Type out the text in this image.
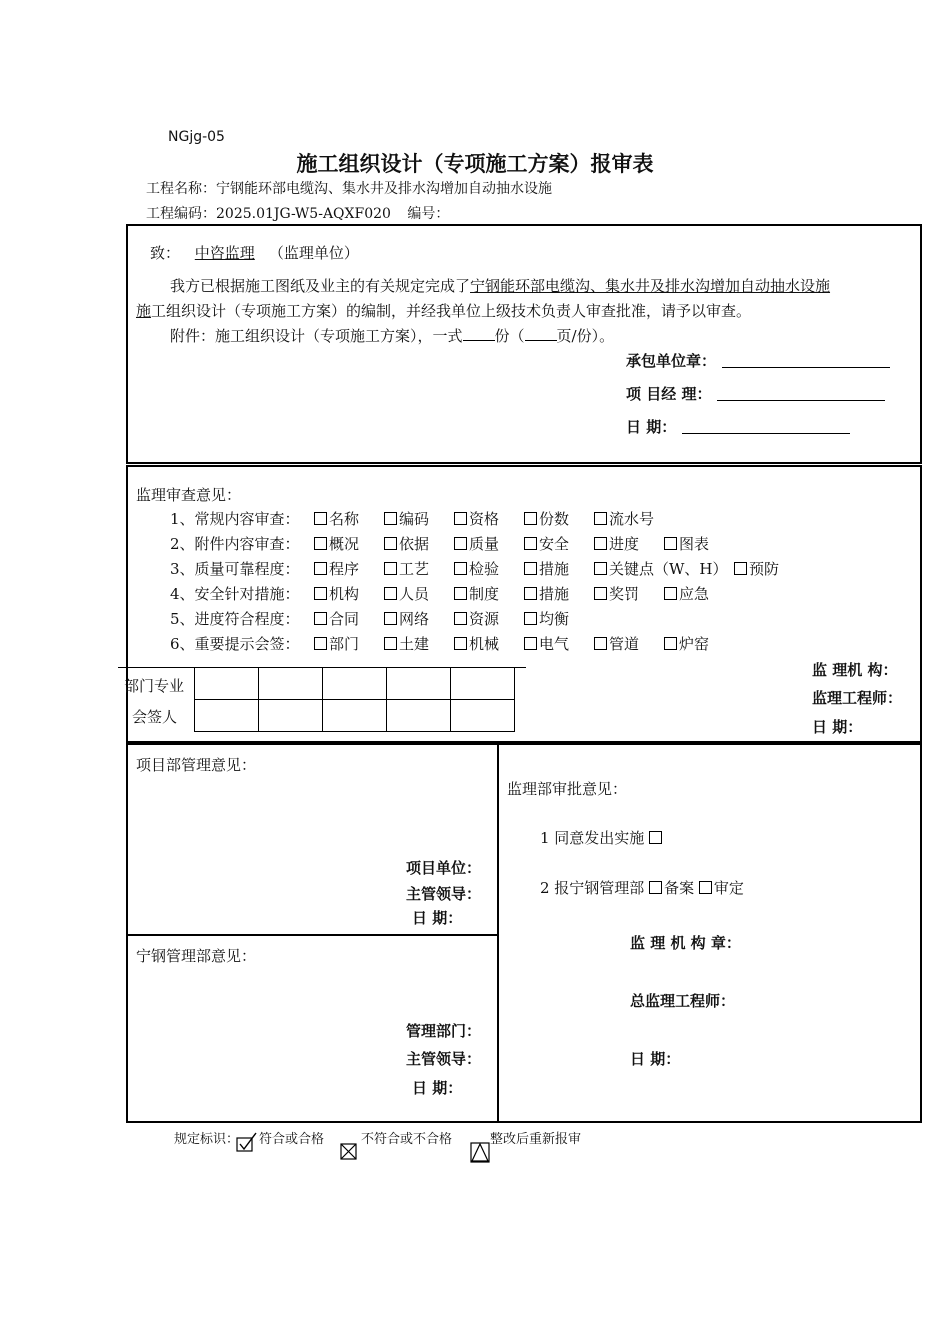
NGjg-05
施工组织设计（专项施工方案）报审表
工程名称：宁钢能环部电缆沟、集水井及排水沟增加自动抽水设施
工程编码：2025.01JG-W5-AQXF020 编号：
致： 中咨监理 （监理单位）
我方已根据施工图纸及业主的有关规定完成了宁钢能环部电缆沟、集水井及排水沟增加自动抽水设施
施工组织设计（专项施工方案）的编制，并经我单位上级技术负责人审查批准，请予以审查。
附件：施工组织设计（专项施工方案），一式 份（ 页/份）。
承包单位章：
项 目经 理：
日 期：
监理审查意见：
1、常规内容审查： 名称	编码	资格	份数	流水号
2、附件内容审查： 概况	依据	质量	安全	进度	图表
3、质量可靠程度： 程序	工艺	检验	措施	关键点（W、H） 预防
4、安全针对措施： 机构	人员	制度	措施	奖罚	应急
5、进度符合程度： 合同	网络	资源	均衡
6、重要提示会签： 部门	土建	机械	电气	管道	炉窑

部门专业
会签人
监 理机 构：
监理工程师：
日 期：
项目部管理意见：
项目单位：
主管领导：
日 期：
宁钢管理部意见：
管理部门：
主管领导：
日 期：
监理部审批意见：
1 同意发出实施
2 报宁钢管理部 备案 审定
监 理 机 构 章：
总监理工程师：
日 期：
规定标识： 符合或合格	不符合或不合格	整改后重新报审
